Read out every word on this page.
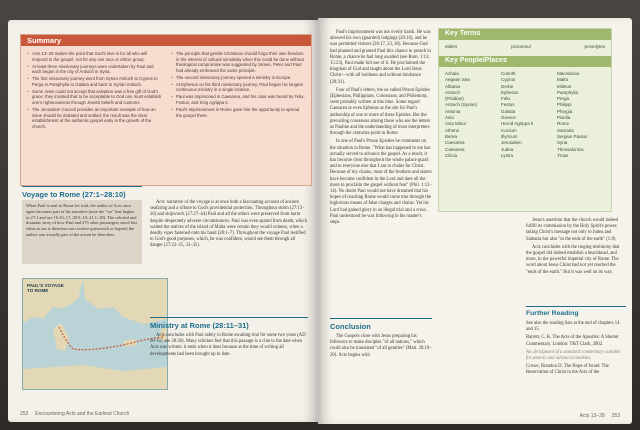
Summary
• Acts 13–28 makes the point that God's love is for all who will respond to the gospel, not for any one race or ethnic group.
• At least three missionary journeys were undertaken by Paul and each began in the city of Antioch in Syria.
• The first missionary journey went from Syrian Antioch to Cyprus to Perga in Pamphylia to Galatia and back to Syrian Antioch.
• Some Jews could not accept that salvation was a free gift of God's grace; they insisted that to be acceptable to God one must establish one's righteousness through Jewish beliefs and customs.
• The Jerusalem Council provides an important example of how an issue should be debated and settled; the result was the clear establishment of the authentic gospel early in the growth of the church.
• The principle that gentile Christians should forgo their own freedom in the interest of cultural sensitivity when this could be done without theological compromise was suggested by James, Peter and Paul had already embraced the same principle.
• The second missionary journey opened a ministry in Europe.
• At Ephesus on his third missionary journey, Paul began his longest continuous ministry in a single location.
• Paul was imprisoned in Caesarea, and his case was heard by Felix, Festus, and King Agrippa II.
• Paul's imprisonment in Rome gave him the opportunity to spread the gospel there.
Voyage to Rome (27:1–28:10)
When Paul is sent to Rome for trial, the author of Acts once again becomes part of his narrative (note the "we" that begins in 27:1 and see 16:10–17; 20:5–15; 21:1–18). The colorful and dramatic story of how Paul and 275 other passengers stood fast when at sea is therefore not creative guesswork or legend; the author was actually part of the action he describes.
PAUL'S VOYAGE TO ROME

Acts' narrative of the voyage is at once both a fascinating account of ancient seafaring and a tribute to God's providential protection. Throughout storm (27:13–26) and shipwreck (27:27–44) Paul and all the others were preserved from harm despite desperately adverse circumstances. Paul was even spared from death, which waited the natives of the island of Malta were certain they would witness, when a deadly viper fastened onto his hand (28:1–7). Throughout the voyage Paul testified to God's good purposes, which, he was confident, would see them through all danger (27:22–25, 33–35).

Ministry at Rome (28:11–31)

Acts concludes with Paul safely in Rome awaiting trial for some two years (AD 60–62; see 28:30). Many scholars feel that this passage is a clue to the date when Acts was written: it ends when it does because at the time of writing all developments had been brought up to date.

252 Encountering Acts and the Earliest Church

Paul's imprisonment was not overly harsh. He was allowed his own (guarded) lodgings (28:16), and he was permitted visitors (28:17, 23, 30). Because God had planned and granted Paul this chance to preach in Rome, a chance he had long awaited (see Rom. 1:13; 15:23), Paul made full use of it. He proclaimed the kingdom of God and taught about the Lord Jesus Christ—with all boldness and without hindrance (28:31).

Four of Paul's letters, the so-called Prison Epistles (Ephesians, Philippians, Colossians, and Philemon), were probably written at this time. Some regard Caesarea or even Ephesus as the site for Paul's authorship of one or more of these Epistles. But the prevailing consensus among those who see the letters as Pauline and the understanding of most interpreters through the centuries point to Rome.

In one of Paul's Prison Epistles he comments on the situation in Rome. "What has happened to me has actually served to advance the gospel. As a result, it has become clear throughout the whole palace guard and to everyone else that I am in chains for Christ. Because of my chains, most of the brothers and sisters have become confident in the Lord and dare all the more to proclaim the gospel without fear" (Phil. 1:12–14). No doubt Paul would not have dreamed that his hopes of reaching Rome would come true through the inglorious means of false charges and chains. Yet his Lord had gained glory in an illegal trial and a cross. Paul understood he was following in his master's steps.

Key Terms
elders	proconsul	proselytes
Key People/Places
Achaia
Aegean Sea
Albania
Antioch
(Pisidian)
Antioch (Syrian)
Antonia
Asia
Asia Minor
Athens
Berea
Caesarea
Caesarea
Cilicia
Corinth
Cyprus
Derbe
Ephesus
Felix
Festus
Galatia
Greece
Herod Agrippa II
Iconium
Illyricum
Jerusalem
Judea
Lystra
Macedonia
Malta
Miletus
Pamphylia
Perga
Philippi
Phrygia
Pisidia
Rome
Samaria
Sergius Paulus
Syria
Thessalonica
Troas
Conclusion

The Gospels close with Jesus preparing his followers to make disciples "of all nations," which could also be translated "of all gentiles" (Matt. 28:19–20). Acts begins with

Jesus's assertion that the church would indeed fulfill its commission by the Holy Spirit's power, taking Christ's message not only to Judea and Samaria but also "to the ends of the earth" (1:8).

Acts concludes with the ringing testimony that the gospel did indeed establish a beachhead, and more, in the powerful imperial city of Rome. The word about Jesus Christ had not yet reached the "ends of the earth." But it was well on its way.

Further Reading

See also the reading lists at the end of chapters 14 and 15.

Barrett, C. K. The Acts of the Apostles: A Shorter Commentary. London: T&T Clark, 2002.

An abridgment of a standard commentary suitable for pastors and advanced students.

Crowe, Brandon D. The Hope of Israel: The Reservation of Christ in the Acts of the

Acts 13–28 253
